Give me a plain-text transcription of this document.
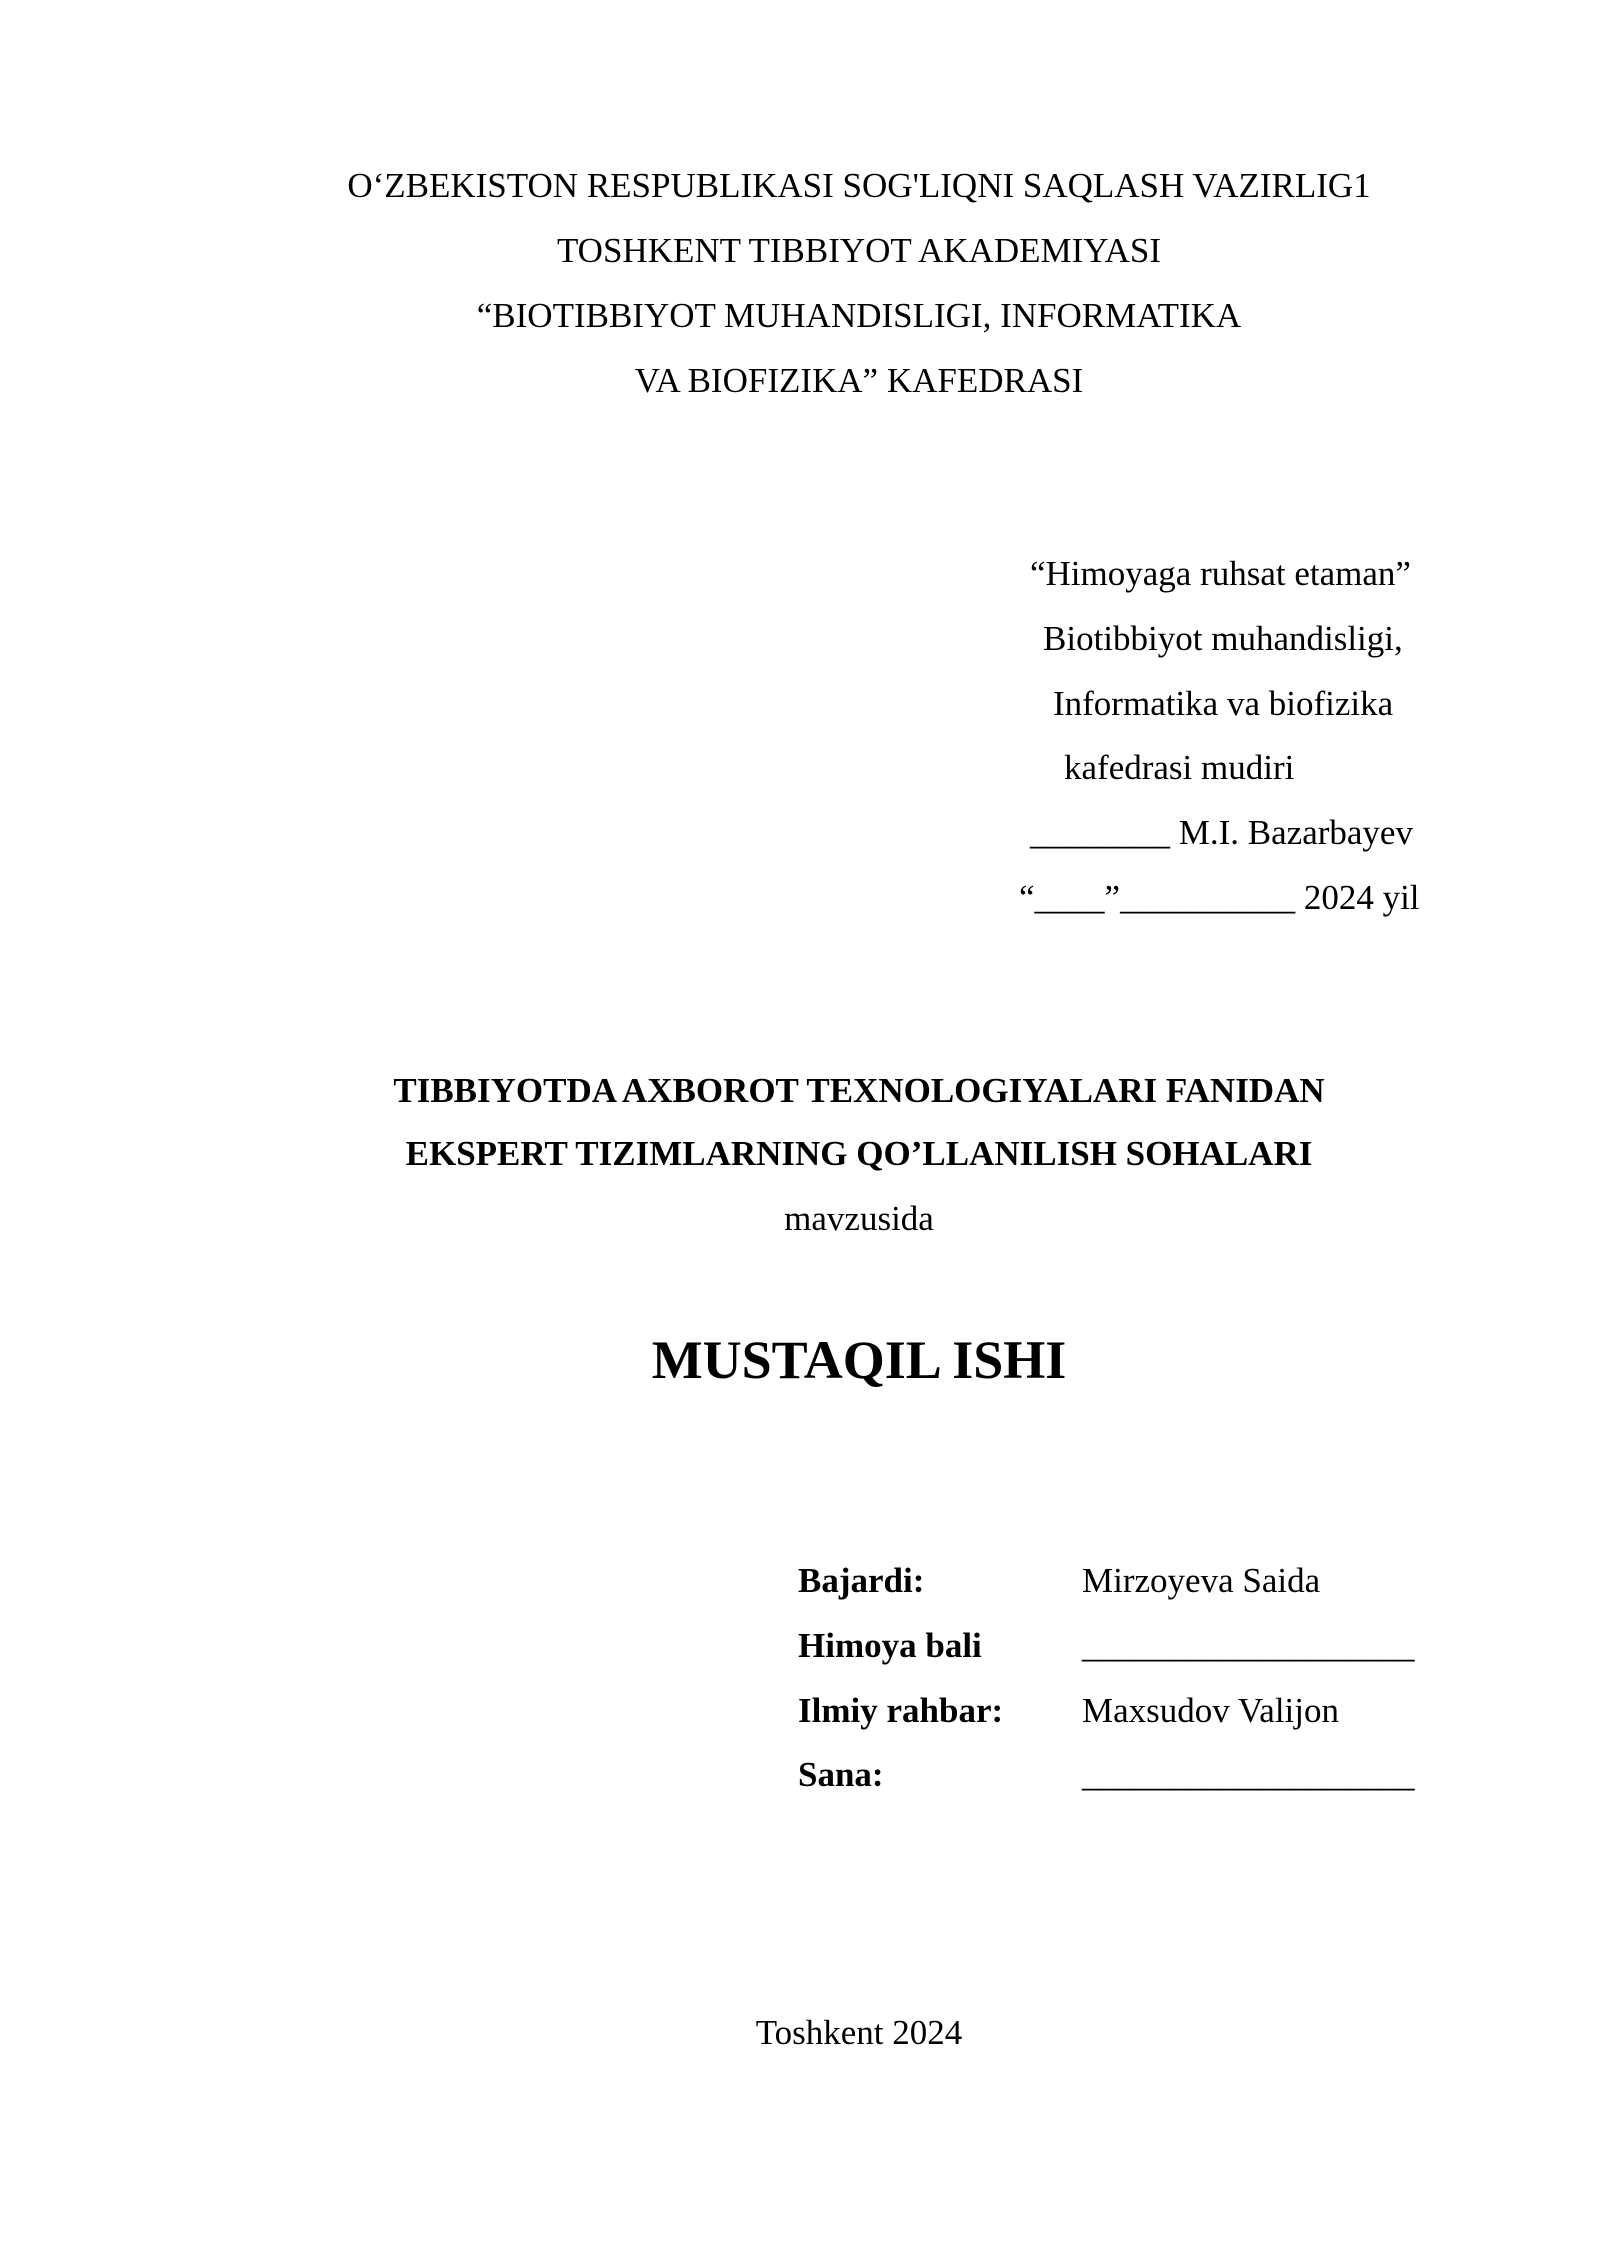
O‘ZBEKISTON RESPUBLIKASI SOG'LIQNI SAQLASH VAZIRLIG1
TOSHKENT TIBBIYOT AKADEMIYASI
“BIOTIBBIYOT MUHANDISLIGI, INFORMATIKA
VA BIOFIZIKA” KAFEDRASI
“Himoyaga ruhsat etaman”
Biotibbiyot muhandisligi,
Informatika va biofizika
kafedrasi mudiri
________ M.I. Bazarbayev
“____”__________ 2024 yil
TIBBIYOTDA AXBOROT TEXNOLOGIYALARI FANIDAN
EKSPERT TIZIMLARNING QO’LLANILISH SOHALARI
mavzusida
MUSTAQIL ISHI
Bajardi:	Mirzoyeva Saida
Himoya bali	___________________
Ilmiy rahbar: Maxsudov Valijon
Sana:	___________________
Toshkent 2024
